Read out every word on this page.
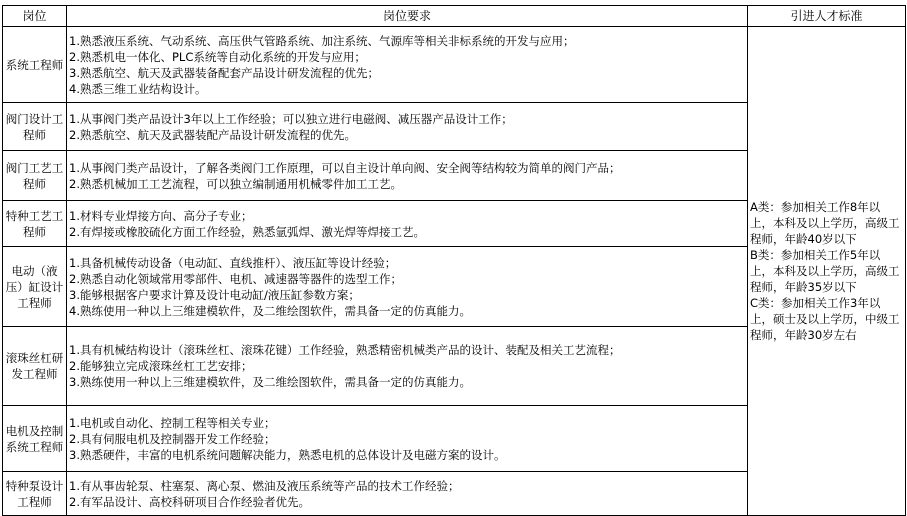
岗位	岗位要求	引进人才标准
系统工程师	1.熟悉液压系统、气动系统、高压供气管路系统、加注系统、气源库等相关非标系统的开发与应用；
2.熟悉机电一体化、PLC系统等自动化系统的开发与应用；
3.熟悉航空、航天及武器装备配套产品设计研发流程的优先；
4.熟悉三维工业结构设计。	A类：参加相关工作8年以上，本科及以上学历，高级工程师，年龄40岁以下
B类：参加相关工作5年以上，本科及以上学历，高级工程师，年龄35岁以下
C类：参加相关工作3年以上，硕士及以上学历，中级工程师，年龄30岁左右

阀门设计工程师	1.从事阀门类产品设计3年以上工作经验；可以独立进行电磁阀、减压器产品设计工作；
2.熟悉航空、航天及武器装配产品设计研发流程的优先。	

阀门工艺工程师	1.从事阀门类产品设计，了解各类阀门工作原理，可以自主设计单向阀、安全阀等结构较为简单的阀门产品；
2.熟悉机械加工工艺流程，可以独立编制通用机械零件加工工艺。	

特种工艺工程师	1.材料专业焊接方向、高分子专业；
2.有焊接或橡胶硫化方面工作经验，熟悉氩弧焊、激光焊等焊接工艺。	

电动（液压）缸设计工程师	1.具备机械传动设备（电动缸、直线推杆）、液压缸等设计经验；
2.熟悉自动化领域常用零部件、电机、减速器等器件的选型工作；
3.能够根据客户要求计算及设计电动缸/液压缸参数方案；
4.熟练使用一种以上三维建模软件，及二维绘图软件，需具备一定的仿真能力。	

滚珠丝杠研发工程师	1.具有机械结构设计（滚珠丝杠、滚珠花键）工作经验，熟悉精密机械类产品的设计、装配及相关工艺流程；
2.能够独立完成滚珠丝杠工艺安排；
3.熟练使用一种以上三维建模软件，及二维绘图软件，需具备一定的仿真能力。	

电机及控制系统工程师	1.电机或自动化、控制工程等相关专业；
2.具有伺服电机及控制器开发工作经验；
3.熟悉硬件，丰富的电机系统问题解决能力，熟悉电机的总体设计及电磁方案的设计。	

特种泵设计工程师	1.有从事齿轮泵、柱塞泵、离心泵、燃油及液压系统等产品的技术工作经验；
2.有军品设计、高校科研项目合作经验者优先。	
